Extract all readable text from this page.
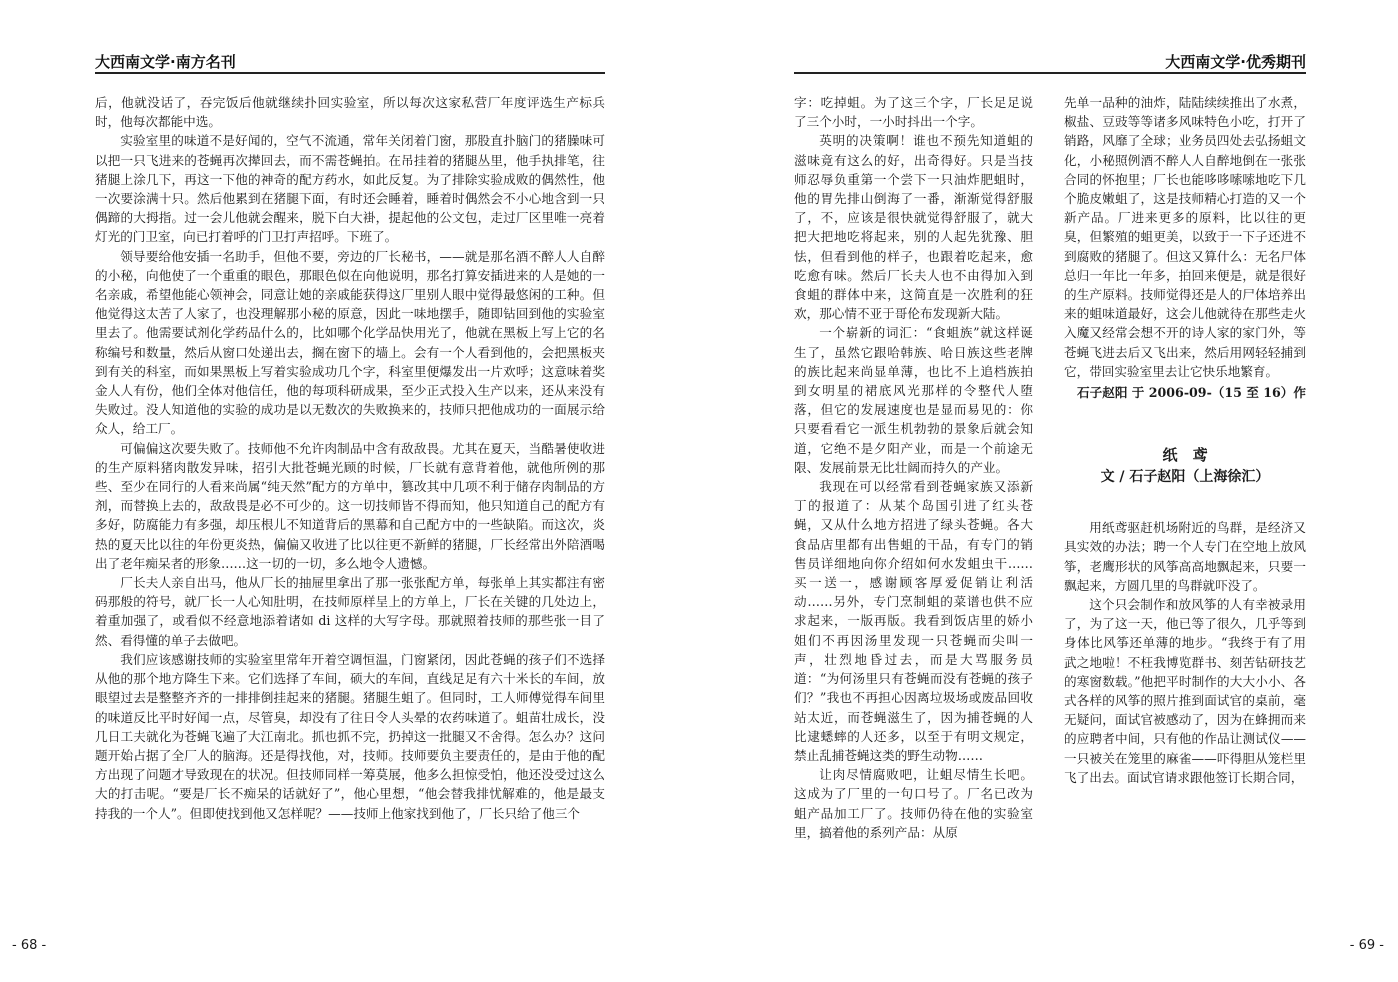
大西南文学·南方名刊

后，他就没话了，吞完饭后他就继续扑回实验室，所以每次这家私营厂年度评选生产标兵时，他每次都能中选。

实验室里的味道不是好闻的，空气不流通，常年关闭着门窗，那股直扑脑门的猪臊味可以把一只飞进来的苍蝇再次撵回去，而不需苍蝇拍。在吊挂着的猪腿丛里，他手执排笔，往猪腿上涂几下，再这一下他的神奇的配方药水，如此反复。为了排除实验成败的偶然性，他一次要涂满十只。然后他累到在猪腿下面，有时还会睡着，睡着时偶然会不小心地含到一只偶蹄的大拇指。过一会儿他就会醒来，脱下白大褂，提起他的公文包，走过厂区里唯一亮着灯光的门卫室，向已打着呼的门卫打声招呼。下班了。

领导要给他安插一名助手，但他不要，旁边的厂长秘书，——就是那名酒不醉人人自醉的小秘，向他使了一个重重的眼色，那眼色似在向他说明，那名打算安插进来的人是她的一名亲戚，希望他能心领神会，同意让她的亲戚能获得这厂里别人眼中觉得最悠闲的工种。但他觉得这太苦了人家了，也没理解那小秘的原意，因此一味地摆手，随即钻回到他的实验室里去了。他需要试剂化学药品什么的，比如哪个化学品快用光了，他就在黑板上写上它的名称编号和数量，然后从窗口处递出去，搁在窗下的墙上。会有一个人看到他的，会把黑板夹到有关的科室，而如果黑板上写着实验成功几个字，科室里便爆发出一片欢呼；这意味着奖金人人有份，他们全体对他信任，他的每项科研成果，至少正式投入生产以来，还从来没有失败过。没人知道他的实验的成功是以无数次的失败换来的，技师只把他成功的一面展示给众人，给工厂。

可偏偏这次要失败了。技师他不允许肉制品中含有敌敌畏。尤其在夏天，当酷暑使收进的生产原料猪肉散发异味，招引大批苍蝇光顾的时候，厂长就有意背着他，就他所例的那些、至少在同行的人看来尚属“纯天然”配方的方单中，篡改其中几项不利于储存肉制品的方剂，而替换上去的，敌敌畏是必不可少的。这一切技师皆不得而知，他只知道自己的配方有多好，防腐能力有多强，却压根儿不知道背后的黑幕和自己配方中的一些缺陷。而这次，炎热的夏天比以往的年份更炎热，偏偏又收进了比以往更不新鲜的猪腿，厂长经常出外陪酒喝出了老年痴呆者的形象……这一切的一切，多么地令人遗憾。

厂长夫人亲自出马，他从厂长的抽屉里拿出了那一张张配方单，每张单上其实都注有密码那般的符号，就厂长一人心知肚明，在技师原样呈上的方单上，厂长在关键的几处边上，着重加强了，或看似不经意地添着诸如 di 这样的大写字母。那就照着技师的那些张一目了然、看得懂的单子去做吧。

我们应该感谢技师的实验室里常年开着空调恒温，门窗紧闭，因此苍蝇的孩子们不选择从他的那个地方降生下来。它们选择了车间，硕大的车间，直线足足有六十米长的车间，放眼望过去是整整齐齐的一排排倒挂起来的猪腿。猪腿生蛆了。但同时，工人师傅觉得车间里的味道反比平时好闻一点，尽管臭，却没有了往日令人头晕的农药味道了。蛆苗壮成长，没几日工夫就化为苍蝇飞遍了大江南北。抓也抓不完，扔掉这一批腿又不舍得。怎么办？这问题开始占据了全厂人的脑海。还是得找他，对，技师。技师要负主要责任的，是由于他的配方出现了问题才导致现在的状况。但技师同样一筹莫展，他多么担惊受怕，他还没受过这么大的打击呢。“要是厂长不痴呆的话就好了”，他心里想，“他会替我排忧解难的，他是最支持我的一个人”。但即使找到他又怎样呢？——技师上他家找到他了，厂长只给了他三个

- 68 -
大西南文学·优秀期刊

字：吃掉蛆。为了这三个字，厂长足足说了三个小时，一小时抖出一个字。

英明的决策啊！谁也不预先知道蛆的滋味竟有这么的好，出奇得好。只是当技师忍辱负重第一个尝下一只油炸肥蛆时，他的胃先排山倒海了一番，渐渐觉得舒服了，不，应该是很快就觉得舒服了，就大把大把地吃将起来，别的人起先犹豫、胆怯，但看到他的样子，也跟着吃起来，愈吃愈有味。然后厂长夫人也不由得加入到食蛆的群体中来，这简直是一次胜利的狂欢，那心情不亚于哥伦布发现新大陆。

一个崭新的词汇：“食蛆族”就这样诞生了，虽然它跟哈韩族、哈日族这些老牌的族比起来尚显单薄，也比不上追档族拍到女明星的裙底风光那样的令整代人堕落，但它的发展速度也是显而易见的：你只要看看它一派生机勃勃的景象后就会知道，它绝不是夕阳产业，而是一个前途无限、发展前景无比壮阔而持久的产业。

我现在可以经常看到苍蝇家族又添新丁的报道了：从某个岛国引进了红头苍蝇，又从什么地方招进了绿头苍蝇。各大食品店里都有出售蛆的干品，有专门的销售员详细地向你介绍如何水发蛆虫干……买一送一，感谢顾客厚爱促销让利活动……另外，专门烹制蛆的菜谱也供不应求起来，一版再版。我看到饭店里的娇小姐们不再因汤里发现一只苍蝇而尖叫一声，壮烈地昏过去，而是大骂服务员道：“为何汤里只有苍蝇而没有苍蝇的孩子们？”我也不再担心因离垃圾场或废品回收站太近，而苍蝇滋生了，因为捕苍蝇的人比逮蟋蟀的人还多，以至于有明文规定，禁止乱捕苍蝇这类的野生动物……

让肉尽情腐败吧，让蛆尽情生长吧。这成为了厂里的一句口号了。厂名已改为蛆产品加工厂了。技师仍待在他的实验室里，搞着他的系列产品：从原

先单一品种的油炸，陆陆续续推出了水煮，椒盐、豆豉等等诸多风味特色小吃，打开了销路，风靡了全球；业务员四处去弘扬蛆文化，小秘照例酒不醉人人自醉地倒在一张张合同的怀抱里；厂长也能哆哆嗦嗦地吃下几个脆皮嫩蛆了，这是技师精心打造的又一个新产品。厂进来更多的原料，比以往的更臭，但繁殖的蛆更美，以致于一下子还进不到腐败的猪腿了。但这又算什么：无名尸体总归一年比一年多，拍回来便是，就是很好的生产原料。技师觉得还是人的尸体培养出来的蛆味道最好，这会儿他就待在那些走火入魔又经常会想不开的诗人家的家门外，等苍蝇飞进去后又飞出来，然后用网轻轻捕到它，带回实验室里去让它快乐地繁育。

石子赵阳 于 2006-09-（15 至 16）作

纸　鸢
文 / 石子赵阳（上海徐汇）

用纸鸢驱赶机场附近的鸟群，是经济又具实效的办法；聘一个人专门在空地上放风筝，老鹰形状的风筝高高地飘起来，只要一飘起来，方圆几里的鸟群就吓没了。

这个只会制作和放风筝的人有幸被录用了，为了这一天，他已等了很久，几乎等到身体比风筝还单薄的地步。“我终于有了用武之地啦！不枉我博览群书、刻苦钻研技艺的寒窗数载。”他把平时制作的大大小小、各式各样的风筝的照片推到面试官的桌前，毫无疑问，面试官被感动了，因为在蜂拥而来的应聘者中间，只有他的作品让测试仪——一只被关在笼里的麻雀——吓得胆从笼栏里飞了出去。面试官请求跟他签订长期合同，

- 69 -
